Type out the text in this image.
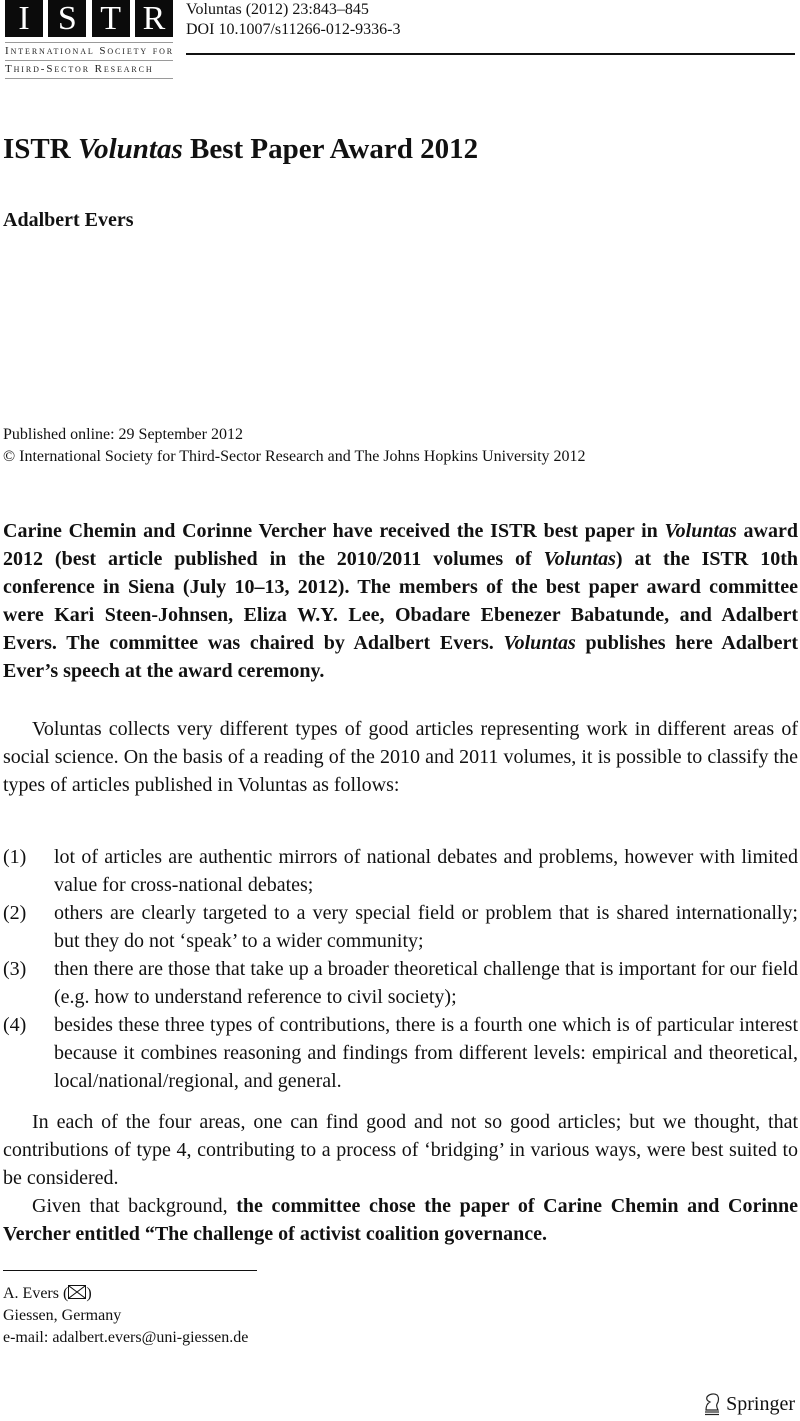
I S T R
International Society for
Third-Sector Research
Voluntas (2012) 23:843–845
DOI 10.1007/s11266-012-9336-3
ISTR Voluntas Best Paper Award 2012
Adalbert Evers
Published online: 29 September 2012
© International Society for Third-Sector Research and The Johns Hopkins University 2012
Carine Chemin and Corinne Vercher have received the ISTR best paper in Voluntas award 2012 (best article published in the 2010/2011 volumes of Voluntas) at the ISTR 10th conference in Siena (July 10–13, 2012). The members of the best paper award committee were Kari Steen-Johnsen, Eliza W.Y. Lee, Obadare Ebenezer Babatunde, and Adalbert Evers. The committee was chaired by Adalbert Evers. Voluntas publishes here Adalbert Ever’s speech at the award ceremony.
Voluntas collects very different types of good articles representing work in different areas of social science. On the basis of a reading of the 2010 and 2011 volumes, it is possible to classify the types of articles published in Voluntas as follows:
(1) lot of articles are authentic mirrors of national debates and problems, however with limited value for cross-national debates;
(2) others are clearly targeted to a very special field or problem that is shared internationally; but they do not ‘speak’ to a wider community;
(3) then there are those that take up a broader theoretical challenge that is important for our field (e.g. how to understand reference to civil society);
(4) besides these three types of contributions, there is a fourth one which is of particular interest because it combines reasoning and findings from different levels: empirical and theoretical, local/national/regional, and general.
In each of the four areas, one can find good and not so good articles; but we thought, that contributions of type 4, contributing to a process of ‘bridging’ in various ways, were best suited to be considered.
Given that background, the committee chose the paper of Carine Chemin and Corinne Vercher entitled “The challenge of activist coalition governance.
A. Evers ( )
Giessen, Germany
e-mail: adalbert.evers@uni-giessen.de
Springer
